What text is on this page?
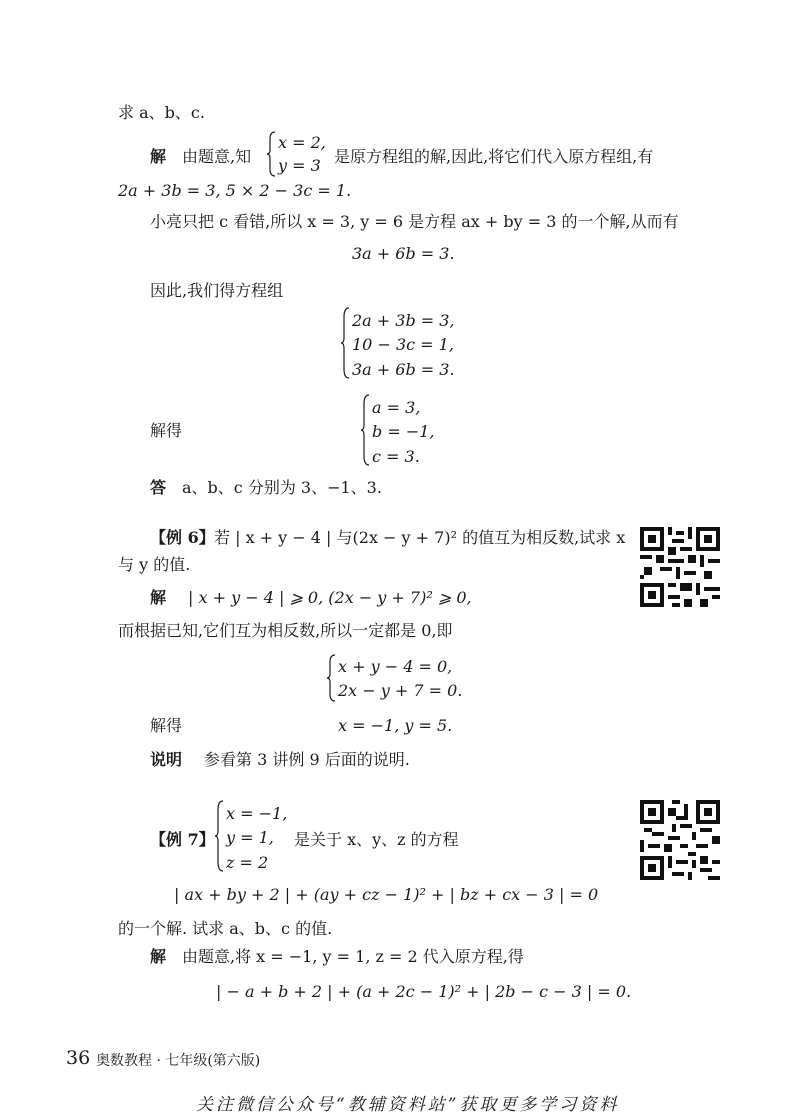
求 a、b、c.
解 由题意,知
x = 2,
y = 3 是原方程组的解,因此,将它们代入原方程组,有
2a + 3b = 3, 5 × 2 − 3c = 1.
小亮只把 c 看错,所以 x = 3, y = 6 是方程 ax + by = 3 的一个解,从而有
3a + 6b = 3.
因此,我们得方程组
2a + 3b = 3,
10 − 3c = 1,
3a + 6b = 3.
解得
a = 3,
b = −1,
c = 3.
答 a、b、c 分别为 3、−1、3.
【例 6】 若 | x + y − 4 | 与(2x − y + 7)² 的值互为相反数,试求 x
与 y 的值.
解 | x + y − 4 | ⩾ 0, (2x − y + 7)² ⩾ 0,
而根据已知,它们互为相反数,所以一定都是 0,即
x + y − 4 = 0,
2x − y + 7 = 0.
解得	x = −1, y = 5.
说明 参看第 3 讲例 9 后面的说明.
【例 7】
x = −1,
y = 1,
z = 2
是关于 x、y、z 的方程
| ax + by + 2 | + (ay + cz − 1)² + | bz + cx − 3 | = 0
的一个解. 试求 a、b、c 的值.
解 由题意,将 x = −1, y = 1, z = 2 代入原方程,得
| − a + b + 2 | + (a + 2c − 1)² + | 2b − c − 3 | = 0.
36 奥数教程 · 七年级(第六版)
关注微信公众号“教辅资料站”获取更多学习资料
